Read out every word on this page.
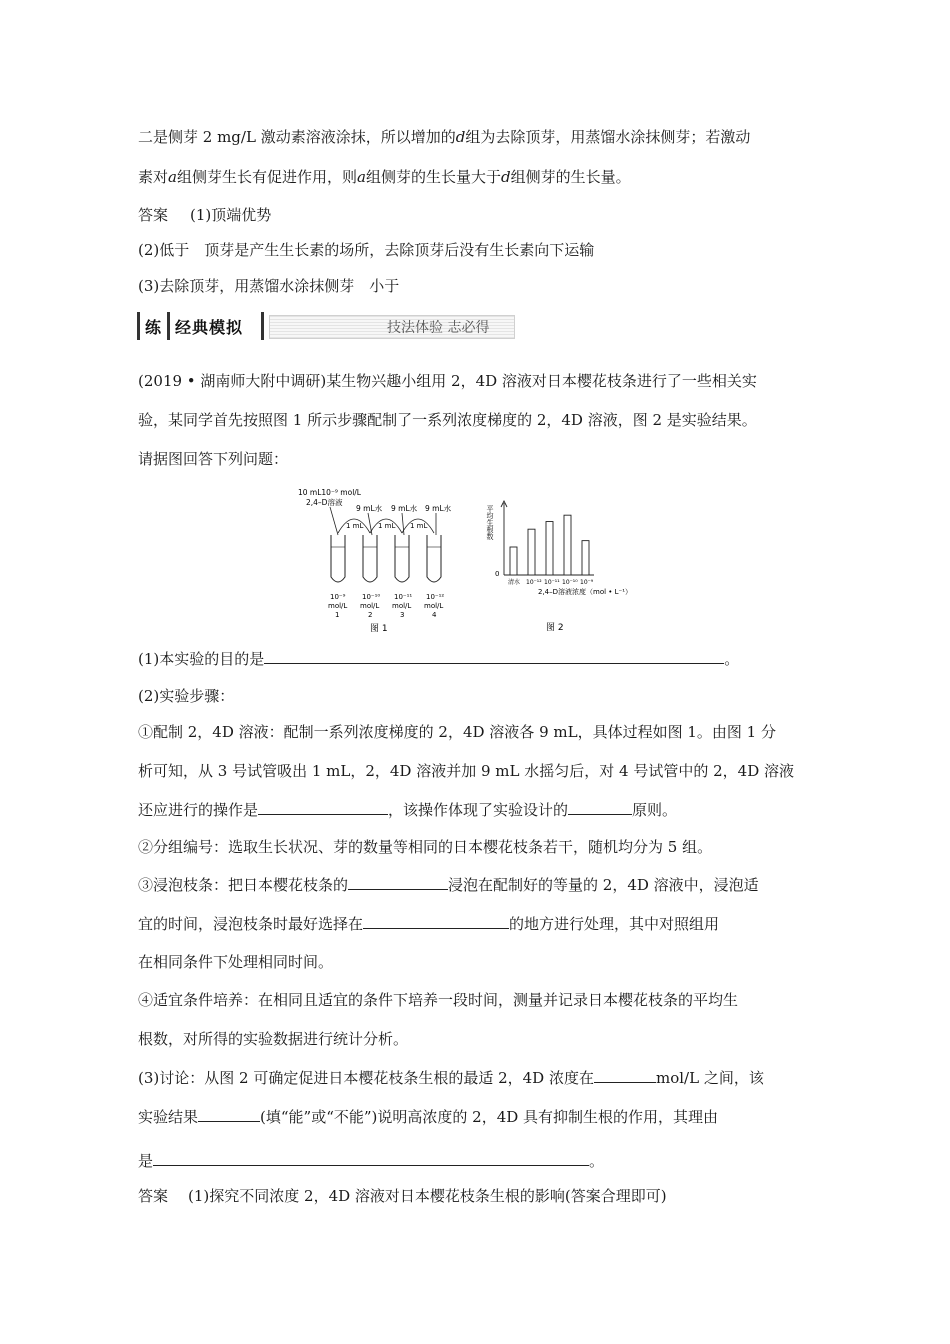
二是侧芽 2 mg/L 激动素溶液涂抹，所以增加的d组为去除顶芽，用蒸馏水涂抹侧芽；若激动
素对a组侧芽生长有促进作用，则a组侧芽的生长量大于d组侧芽的生长量。
答案 (1)顶端优势
(2)低于　顶芽是产生生长素的场所，去除顶芽后没有生长素向下运输
(3)去除顶芽，用蒸馏水涂抹侧芽　小于
练 经典模拟	技法体验 志必得
(2019 • 湖南师大附中调研)某生物兴趣小组用 2，4D 溶液对日本樱花枝条进行了一些相关实
验，某同学首先按照图 1 所示步骤配制了一系列浓度梯度的 2，4D 溶液，图 2 是实验结果。
请据图回答下列问题：
10 mL10⁻⁹ mol/L
2,4–D溶液
9 mL水 9 mL水 9 mL水
1 mL 1 mL 1 mL
10⁻⁹
mol/L
1
10⁻¹⁰
mol/L
2
10⁻¹¹
mol/L
3
10⁻¹²
mol/L
4
图 1
平均生根数
0
清水 10⁻¹² 10⁻¹¹ 10⁻¹⁰ 10⁻⁹
2,4–D溶液浓度（mol • L⁻¹）
图 2
(1)本实验的目的是	。
(2)实验步骤：
①配制 2，4D 溶液：配制一系列浓度梯度的 2，4D 溶液各 9 mL，具体过程如图 1。由图 1 分
析可知，从 3 号试管吸出 1 mL，2，4D 溶液并加 9 mL 水摇匀后，对 4 号试管中的 2，4D 溶液
还应进行的操作是	，该操作体现了实验设计的	原则。
②分组编号：选取生长状况、芽的数量等相同的日本樱花枝条若干，随机均分为 5 组。
③浸泡枝条：把日本樱花枝条的	浸泡在配制好的等量的 2，4D 溶液中，浸泡适
宜的时间，浸泡枝条时最好选择在	的地方进行处理，其中对照组用
在相同条件下处理相同时间。
④适宜条件培养：在相同且适宜的条件下培养一段时间，测量并记录日本樱花枝条的平均生
根数，对所得的实验数据进行统计分析。
(3)讨论：从图 2 可确定促进日本樱花枝条生根的最适 2，4D 浓度在	mol/L 之间，该
实验结果	(填“能”或“不能”)说明高浓度的 2，4D 具有抑制生根的作用，其理由
是	。
答案 (1)探究不同浓度 2，4D 溶液对日本樱花枝条生根的影响(答案合理即可)
